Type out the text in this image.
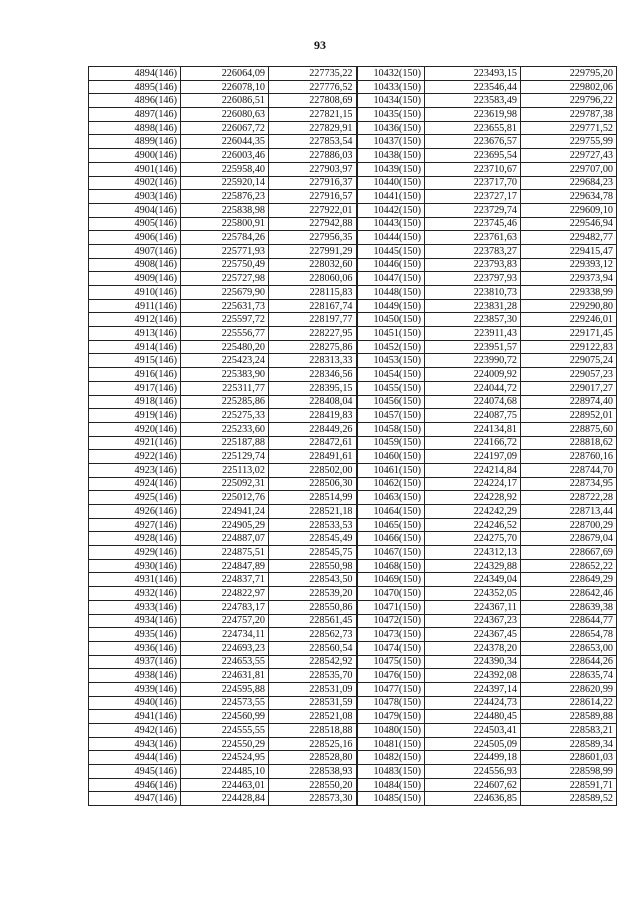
93
4894(146)	226064,09	227735,22	10432(150)	223493,15	229795,20
4895(146)	226078,10	227776,52	10433(150)	223546,44	229802,06
4896(146)	226086,51	227808,69	10434(150)	223583,49	229796,22
4897(146)	226080,63	227821,15	10435(150)	223619,98	229787,38
4898(146)	226067,72	227829,91	10436(150)	223655,81	229771,52
4899(146)	226044,35	227853,54	10437(150)	223676,57	229755,99
4900(146)	226003,46	227886,03	10438(150)	223695,54	229727,43
4901(146)	225958,40	227903,97	10439(150)	223710,67	229707,00
4902(146)	225920,14	227916,37	10440(150)	223717,70	229684,23
4903(146)	225876,23	227916,57	10441(150)	223727,17	229634,78
4904(146)	225838,98	227922,01	10442(150)	223729,74	229609,10
4905(146)	225800,91	227942,88	10443(150)	223745,46	229546,94
4906(146)	225784,26	227956,35	10444(150)	223761,63	229482,77
4907(146)	225771,93	227991,29	10445(150)	223783,27	229415,47
4908(146)	225750,49	228032,60	10446(150)	223793,83	229393,12
4909(146)	225727,98	228060,06	10447(150)	223797,93	229373,94
4910(146)	225679,90	228115,83	10448(150)	223810,73	229338,99
4911(146)	225631,73	228167,74	10449(150)	223831,28	229290,80
4912(146)	225597,72	228197,77	10450(150)	223857,30	229246,01
4913(146)	225556,77	228227,95	10451(150)	223911,43	229171,45
4914(146)	225480,20	228275,86	10452(150)	223951,57	229122,83
4915(146)	225423,24	228313,33	10453(150)	223990,72	229075,24
4916(146)	225383,90	228346,56	10454(150)	224009,92	229057,23
4917(146)	225311,77	228395,15	10455(150)	224044,72	229017,27
4918(146)	225285,86	228408,04	10456(150)	224074,68	228974,40
4919(146)	225275,33	228419,83	10457(150)	224087,75	228952,01
4920(146)	225233,60	228449,26	10458(150)	224134,81	228875,60
4921(146)	225187,88	228472,61	10459(150)	224166,72	228818,62
4922(146)	225129,74	228491,61	10460(150)	224197,09	228760,16
4923(146)	225113,02	228502,00	10461(150)	224214,84	228744,70
4924(146)	225092,31	228506,30	10462(150)	224224,17	228734,95
4925(146)	225012,76	228514,99	10463(150)	224228,92	228722,28
4926(146)	224941,24	228521,18	10464(150)	224242,29	228713,44
4927(146)	224905,29	228533,53	10465(150)	224246,52	228700,29
4928(146)	224887,07	228545,49	10466(150)	224275,70	228679,04
4929(146)	224875,51	228545,75	10467(150)	224312,13	228667,69
4930(146)	224847,89	228550,98	10468(150)	224329,88	228652,22
4931(146)	224837,71	228543,50	10469(150)	224349,04	228649,29
4932(146)	224822,97	228539,20	10470(150)	224352,05	228642,46
4933(146)	224783,17	228550,86	10471(150)	224367,11	228639,38
4934(146)	224757,20	228561,45	10472(150)	224367,23	228644,77
4935(146)	224734,11	228562,73	10473(150)	224367,45	228654,78
4936(146)	224693,23	228560,54	10474(150)	224378,20	228653,00
4937(146)	224653,55	228542,92	10475(150)	224390,34	228644,26
4938(146)	224631,81	228535,70	10476(150)	224392,08	228635,74
4939(146)	224595,88	228531,09	10477(150)	224397,14	228620,99
4940(146)	224573,55	228531,59	10478(150)	224424,73	228614,22
4941(146)	224560,99	228521,08	10479(150)	224480,45	228589,88
4942(146)	224555,55	228518,88	10480(150)	224503,41	228583,21
4943(146)	224550,29	228525,16	10481(150)	224505,09	228589,34
4944(146)	224524,95	228528,80	10482(150)	224499,18	228601,03
4945(146)	224485,10	228538,93	10483(150)	224556,93	228598,99
4946(146)	224463,01	228550,20	10484(150)	224607,62	228591,71
4947(146)	224428,84	228573,30	10485(150)	224636,85	228589,52
